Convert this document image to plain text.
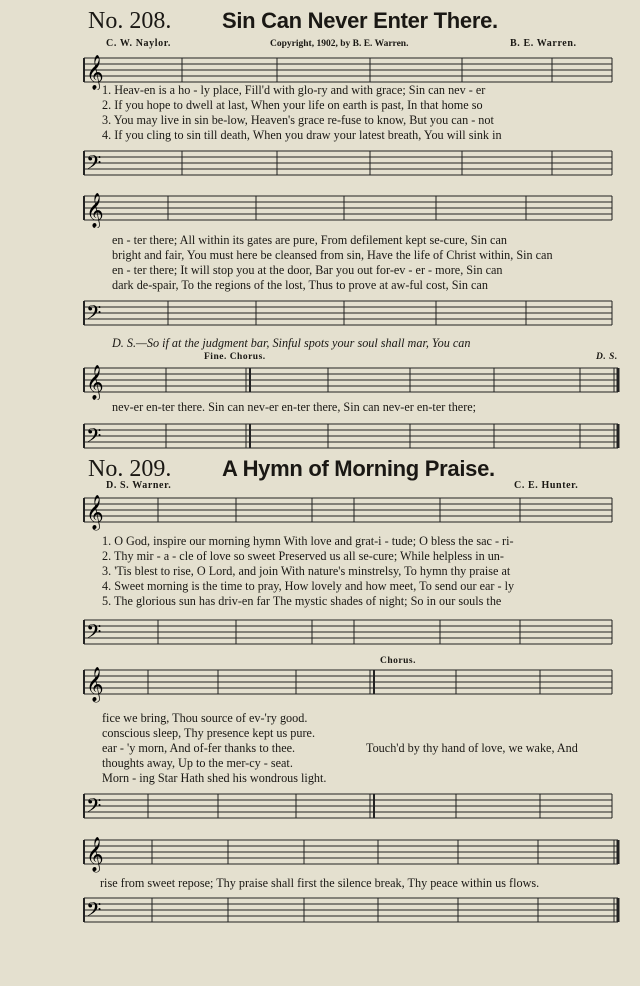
No. 208. Sin Can Never Enter There.
C. W. Naylor.	Copyright, 1902, by B. E. Warren.	B. E. Warren.
𝄞
1. Heav-en is a ho - ly place, Fill'd with glo-ry and with grace; Sin can nev - er
2. If you hope to dwell at last, When your life on earth is past, In that home so
3. You may live in sin be-low, Heaven's grace re-fuse to know, But you can - not
4. If you cling to sin till death, When you draw your latest breath, You will sink in
𝄢
𝄞
en - ter there; All within its gates are pure, From defilement kept se-cure, Sin can
bright and fair, You must here be cleansed from sin, Have the life of Christ within, Sin can
en - ter there; It will stop you at the door, Bar you out for-ev - er - more, Sin can
dark de-spair, To the regions of the lost, Thus to prove at aw-ful cost, Sin can
𝄢
D. S.—So if at the judgment bar, Sinful spots your soul shall mar, You can
Fine. Chorus.	D. S.
𝄞
nev-er en-ter there. Sin can nev-er en-ter there, Sin can nev-er en-ter there;
𝄢
No. 209. A Hymn of Morning Praise.
D. S. Warner.	C. E. Hunter.
𝄞
1. O God, inspire our morning hymn With love and grat-i - tude; O bless the sac - ri-
2. Thy mir - a - cle of love so sweet Preserved us all se-cure; While helpless in un-
3. 'Tis blest to rise, O Lord, and join With nature's minstrelsy, To hymn thy praise at
4. Sweet morning is the time to pray, How lovely and how meet, To send our ear - ly
5. The glorious sun has driv-en far The mystic shades of night; So in our souls the
𝄢
Chorus.
𝄞
fice we bring, Thou source of ev-'ry good.
conscious sleep, Thy presence kept us pure.
ear - 'y morn, And of-fer thanks to thee.	Touch'd by thy hand of love, we wake, And
thoughts away, Up to the mer-cy - seat.
Morn - ing Star Hath shed his wondrous light.
𝄢
𝄞
rise from sweet repose; Thy praise shall first the silence break, Thy peace within us flows.
𝄢
